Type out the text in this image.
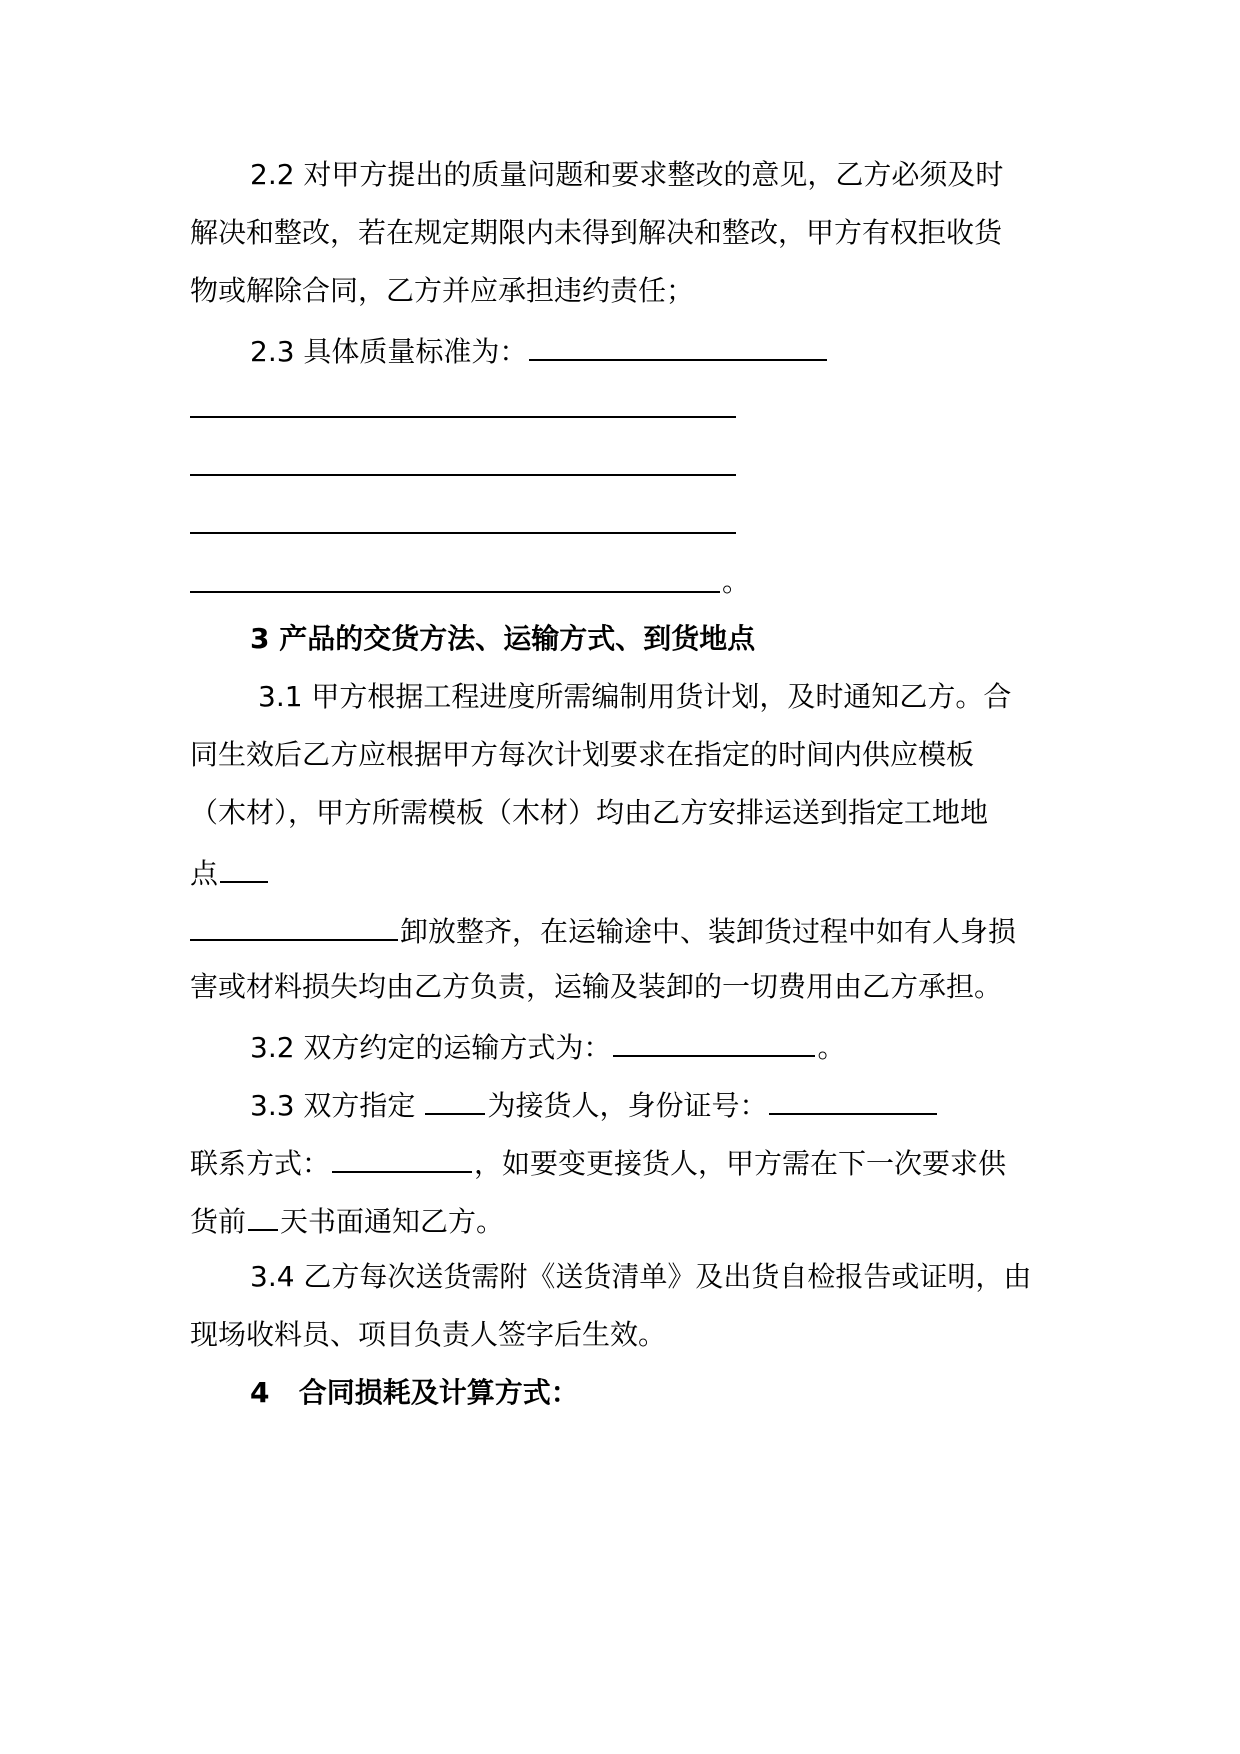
2.2 对甲方提出的质量问题和要求整改的意见，乙方必须及时
解决和整改，若在规定期限内未得到解决和整改，甲方有权拒收货
物或解除合同，乙方并应承担违约责任；
2.3 具体质量标准为：
。
3 产品的交货方法、运输方式、到货地点
3.1 甲方根据工程进度所需编制用货计划，及时通知乙方。合
同生效后乙方应根据甲方每次计划要求在指定的时间内供应模板
（木材），甲方所需模板（木材）均由乙方安排运送到指定工地地
点
卸放整齐，在运输途中、装卸货过程中如有人身损
害或材料损失均由乙方负责，运输及装卸的一切费用由乙方承担。
3.2 双方约定的运输方式为：	。
3.3 双方指定	为接货人，身份证号：
联系方式：	，如要变更接货人，甲方需在下一次要求供
货前 天书面通知乙方。
3.4 乙方每次送货需附《送货清单》及出货自检报告或证明，由
现场收料员、项目负责人签字后生效。
4   合同损耗及计算方式：
